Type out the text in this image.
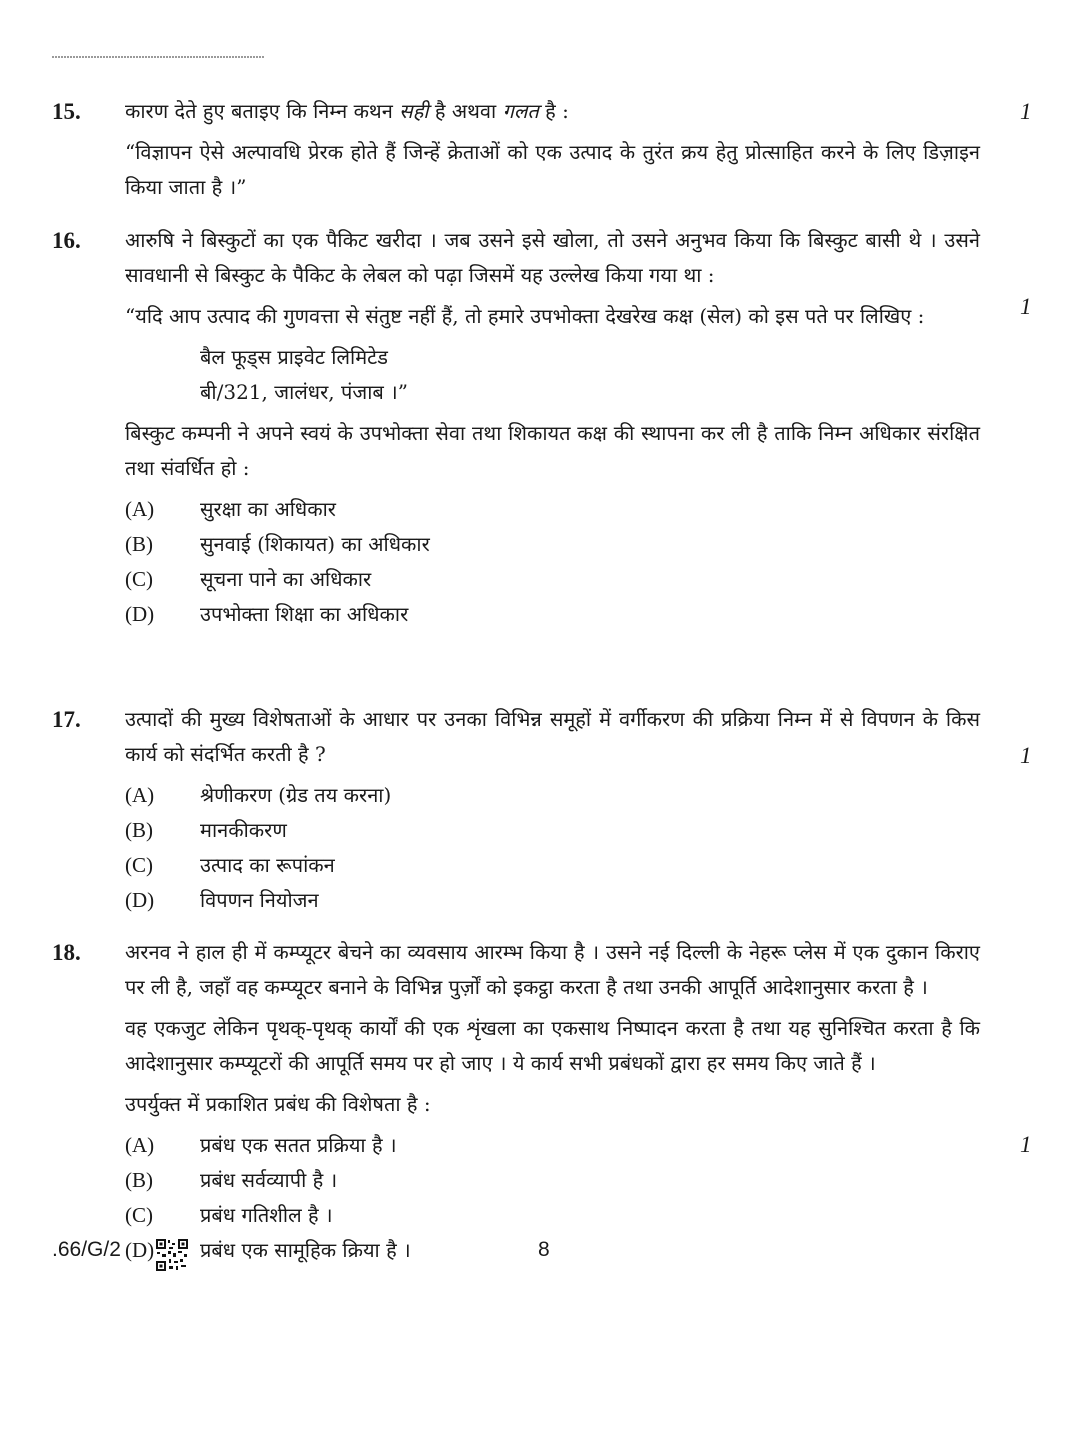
15. कारण देते हुए बताइए कि निम्न कथन सही है अथवा गलत है :

“विज्ञापन ऐसे अल्पावधि प्रेरक होते हैं जिन्हें क्रेताओं को एक उत्पाद के तुरंत क्रय हेतु प्रोत्साहित करने के लिए डिज़ाइन किया जाता है ।”

1
16. आरुषि ने बिस्कुटों का एक पैकिट खरीदा । जब उसने इसे खोला, तो उसने अनुभव किया कि बिस्कुट बासी थे । उसने सावधानी से बिस्कुट के पैकिट के लेबल को पढ़ा जिसमें यह उल्लेख किया गया था :

“यदि आप उत्पाद की गुणवत्ता से संतुष्ट नहीं हैं, तो हमारे उपभोक्ता देखरेख कक्ष (सेल) को इस पते पर लिखिए :

बैल फूड्स प्राइवेट लिमिटेड

बी/321, जालंधर, पंजाब ।”

बिस्कुट कम्पनी ने अपने स्वयं के उपभोक्ता सेवा तथा शिकायत कक्ष की स्थापना कर ली है ताकि निम्न अधिकार संरक्षित तथा संवर्धित हो :

(A)	सुरक्षा का अधिकार
(B)	सुनवाई (शिकायत) का अधिकार
(C)	सूचना पाने का अधिकार
(D)	उपभोक्ता शिक्षा का अधिकार
1
17. उत्पादों की मुख्य विशेषताओं के आधार पर उनका विभिन्न समूहों में वर्गीकरण की प्रक्रिया निम्न में से विपणन के किस कार्य को संदर्भित करती है ?

(A)	श्रेणीकरण (ग्रेड तय करना)
(B)	मानकीकरण
(C)	उत्पाद का रूपांकन
(D)	विपणन नियोजन
1
18. अरनव ने हाल ही में कम्प्यूटर बेचने का व्यवसाय आरम्भ किया है । उसने नई दिल्ली के नेहरू प्लेस में एक दुकान किराए पर ली है, जहाँ वह कम्प्यूटर बनाने के विभिन्न पुर्ज़ों को इकट्ठा करता है तथा उनकी आपूर्ति आदेशानुसार करता है ।

वह एकजुट लेकिन पृथक्-पृथक् कार्यों की एक शृंखला का एकसाथ निष्पादन करता है तथा यह सुनिश्चित करता है कि आदेशानुसार कम्प्यूटरों की आपूर्ति समय पर हो जाए । ये कार्य सभी प्रबंधकों द्वारा हर समय किए जाते हैं ।

उपर्युक्त में प्रकाशित प्रबंध की विशेषता है :

(A)	प्रबंध एक सतत प्रक्रिया है ।
(B)	प्रबंध सर्वव्यापी है ।
(C)	प्रबंध गतिशील है ।
(D)	प्रबंध एक सामूहिक क्रिया है ।
1
.66/G/2	8
